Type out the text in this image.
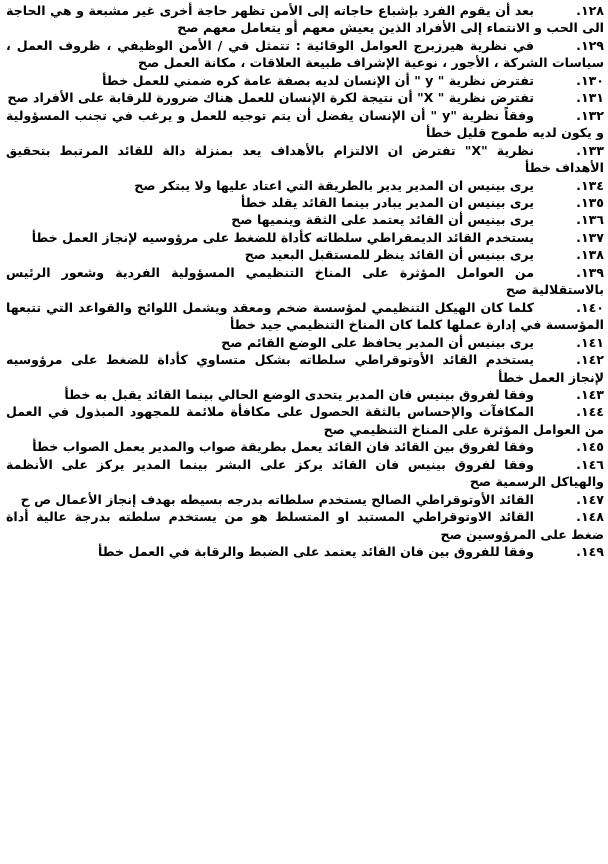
١٢٨.بعد أن يقوم الفرد بإشباع حاجاته إلى الأمن تظهر حاجة أخرى غير مشبعة و هي الحاجة الى الحب و الانتماء إلى الأفراد الذين يعيش معهم أو يتعامل معهم صح

١٢٩.في نظرية هيرزبرج العوامل الوقائية : تتمثل في / الأمن الوظيفي ، ظروف العمل ، سياسات الشركة ، الأجور ، نوعية الإشراف طبيعة العلاقات ، مكانة العمل صح

١٣٠.تفترض نظرية " y " أن الإنسان لديه بصفة عامة كره ضمني للعمل خطأ

١٣١.تفترض نظرية " X" أن نتيجة لكرة الإنسان للعمل هناك ضرورة للرقابة على الأفراد صح

١٣٢.وفقاً نظرية "y " أن الإنسان يفضل أن يتم توجيه للعمل و يرغب في تجنب المسؤولية و يكون لديه طموح قليل خطأ

١٣٣.نظرية "X" تفترض ان الالتزام بالأهداف يعد بمنزلة دالة للقائد المرتبط بتحقيق الأهداف خطأ

١٣٤.يرى بينيس ان المدير يدير بالطريقة التي اعتاد عليها ولا يبتكر صح

١٣٥.يرى بينيس ان المدير يبادر بينما القائد يقلد خطأ

١٣٦.يرى بينيس أن القائد يعتمد على الثقة وينميها صح

١٣٧.يستخدم القائد الديمقراطي سلطاته كأداة للضغط على مرؤوسيه لإنجاز العمل خطأ

١٣٨.يرى بينيس أن القائد ينظر للمستقبل البعيد صح

١٣٩.من العوامل المؤثرة على المناخ التنظيمي المسؤولية الفردية وشعور الرئيس بالاستقلالية صح

١٤٠.كلما كان الهيكل التنظيمي لمؤسسة ضخم ومعقد ويشمل اللوائح والقواعد التي تتبعها المؤسسة في إدارة عملها كلما كان المناخ التنظيمي جيد خطأ

١٤١.يرى بينيس أن المدير يحافظ على الوضع القائم صح

١٤٢.يستخدم القائد الأوتوقراطي سلطاته بشكل متساوي كأداة للضغط على مرؤوسيه لإنجاز العمل خطأ

١٤٣.وفقا لفروق بينيس فان المدير يتحدى الوضع الحالي بينما القائد يقبل به خطأ

١٤٤.المكافآت والإحساس بالثقة الحصول على مكافأة ملائمة للمجهود المبذول في العمل من العوامل المؤثرة على المناخ التنظيمي صح

١٤٥.وفقا لفروق بين القائد فان القائد يعمل بطريقة صواب والمدير يعمل الصواب خطأ

١٤٦.وفقا لفروق بينيس فان القائد يركز على البشر بينما المدير يركز على الأنظمة والهياكل الرسمية صح

١٤٧.القائد الأوتوقراطي الصالح يستخدم سلطاته بدرجه بسيطه بهدف إنجاز الأعمال ص ح

١٤٨.القائد الاوتوقراطي المستبد او المتسلط هو من يستخدم سلطته بدرجة عالية أداة ضغط على المرؤوسين صح

١٤٩.وفقا للفروق بين فان القائد يعتمد على الضبط والرقابة في العمل خطأ
